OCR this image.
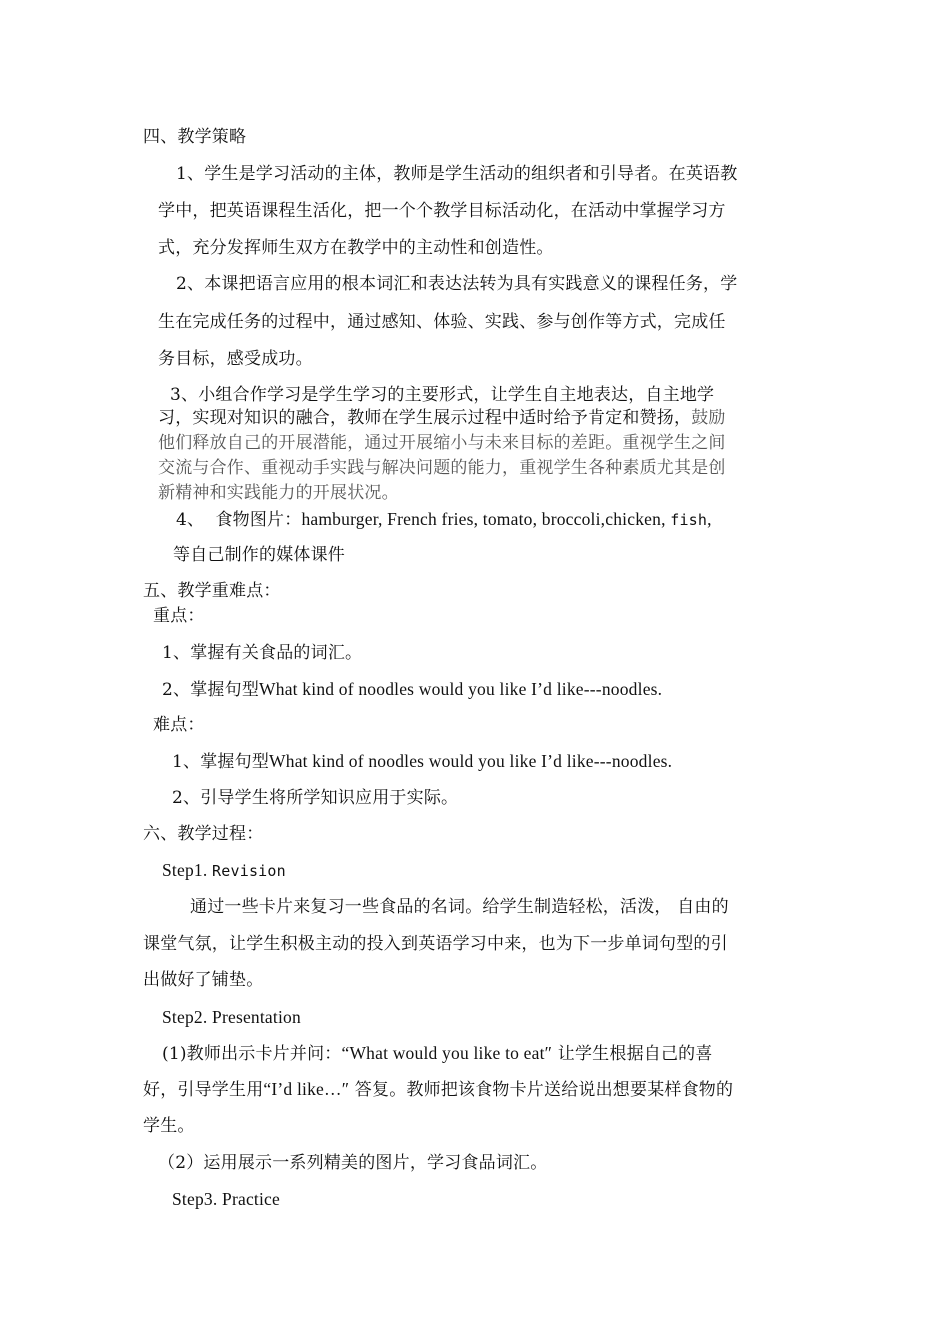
四、教学策略
1、学生是学习活动的主体，教师是学生活动的组织者和引导者。在英语教
学中，把英语课程生活化，把一个个教学目标活动化，在活动中掌握学习方
式，充分发挥师生双方在教学中的主动性和创造性。
2、本课把语言应用的根本词汇和表达法转为具有实践意义的课程任务，学
生在完成任务的过程中，通过感知、体验、实践、参与创作等方式，完成任
务目标，感受成功。
3、小组合作学习是学生学习的主要形式，让学生自主地表达，自主地学
习，实现对知识的融合，教师在学生展示过程中适时给予肯定和赞扬，鼓励
他们释放自己的开展潜能，通过开展缩小与未来目标的差距。重视学生之间
交流与合作、重视动手实践与解决问题的能力，重视学生各种素质尤其是创
新精神和实践能力的开展状况。
4、 食物图片：hamburger, French fries, tomato, broccoli,chicken, fish,
等自己制作的媒体课件
五、教学重难点：
重点：
1、掌握有关食品的词汇。
2、掌握句型What kind of noodles would you like I’d like---noodles.
难点：
1、掌握句型What kind of noodles would you like I’d like---noodles.
2、引导学生将所学知识应用于实际。
六、教学过程：
Step1. Revision
通过一些卡片来复习一些食品的名词。给学生制造轻松，活泼， 自由的
课堂气氛，让学生积极主动的投入到英语学习中来，也为下一步单词句型的引
出做好了铺垫。
Step2. Presentation
(1)教师出示卡片并问：“What would you like to eat″ 让学生根据自己的喜
好，引导学生用“I’d like…″ 答复。教师把该食物卡片送给说出想要某样食物的
学生。
（2）运用展示一系列精美的图片，学习食品词汇。
Step3. Practice
